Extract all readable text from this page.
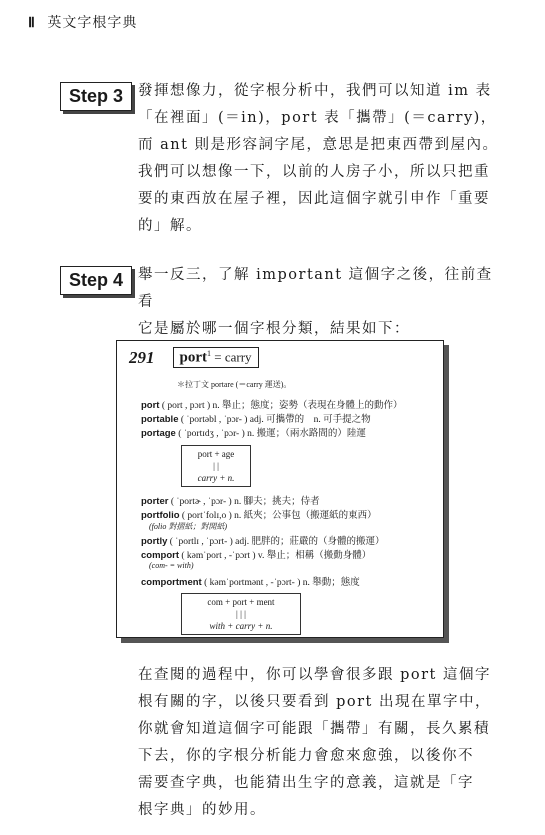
Ⅱ 英文字根字典
Step 3	發揮想像力，從字根分析中，我們可以知道 im 表

「在裡面」(＝in)，port 表「攜帶」(＝carry)，

而 ant 則是形容詞字尾，意思是把東西帶到屋內。

我們可以想像一下，以前的人房子小，所以只把重

要的東西放在屋子裡，因此這個字就引申作「重要

的」解。

Step 4	舉一反三，了解 important 這個字之後，往前查看

它是屬於哪一個字根分類，結果如下：

291	port$^1$ = carry
＊拉丁文 portare (＝carry 運送)。
port ( port , pɔrt ) n. 舉止；態度；姿勢（表現在身體上的動作）
portable ( ˈportəbl , ˈpɔr- ) adj. 可攜帶的　n. 可手提之物
portage ( ˈportɪdʒ , ˈpɔr- ) n. 搬運；（兩水路間的）陸運
port + age
| |
carry + n.
porter ( ˈportɚ , ˈpɔr- ) n. 腳夫；挑夫；侍者
portfolio ( portˈfolɪ,o ) n. 紙夾；公事包（搬運紙的東西）
(folio 對摺紙；對開紙)
portly ( ˈportlɪ , ˈpɔrt- ) adj. 肥胖的；莊嚴的（身體的搬運）
comport ( kəmˈport , -ˈpɔrt ) v. 舉止；相稱（搬動身體）
(com- = with)
comportment ( kəmˈportmənt , -ˈpɔrt- ) n. 舉動；態度
com + port + ment
| | |
with + carry + n.

在查閱的過程中，你可以學會很多跟 port 這個字

根有關的字，以後只要看到 port 出現在單字中，

你就會知道這個字可能跟「攜帶」有關，長久累積

下去，你的字根分析能力會愈來愈強，以後你不

需要查字典，也能猜出生字的意義，這就是「字

根字典」的妙用。
